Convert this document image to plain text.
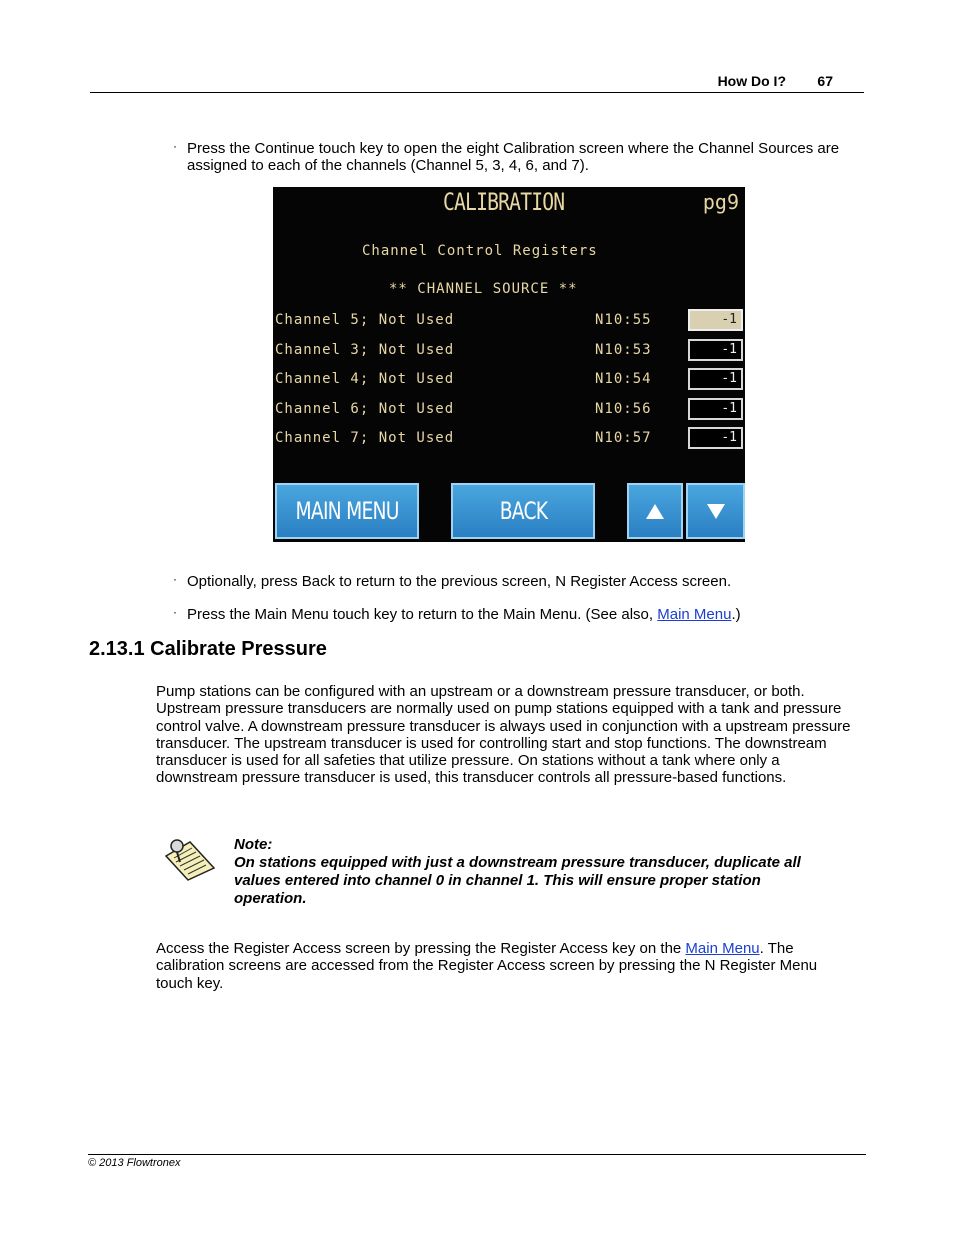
How Do I? 67
· Press the Continue touch key to open the eight Calibration screen where the Channel Sources are assigned to each of the channels (Channel 5, 3, 4, 6, and 7).
CALIBRATION	pg9
Channel Control Registers
** CHANNEL SOURCE **
Channel 5; Not Used	N10:55	-1
Channel 3; Not Used	N10:53	-1
Channel 4; Not Used	N10:54	-1
Channel 6; Not Used	N10:56	-1
Channel 7; Not Used	N10:57	-1
MAIN MENU	BACK
· Optionally, press Back to return to the previous screen, N Register Access screen.
· Press the Main Menu touch key to return to the Main Menu. (See also, Main Menu.)
2.13.1 Calibrate Pressure

Pump stations can be configured with an upstream or a downstream pressure transducer, or both. Upstream pressure transducers are normally used on pump stations equipped with a tank and pressure control valve. A downstream pressure transducer is always used in conjunction with a upstream pressure transducer. The upstream transducer is used for controlling start and stop functions. The downstream transducer is used for all safeties that utilize pressure. On stations without a tank where only a downstream pressure transducer is used, this transducer controls all pressure-based functions.

Note:
On stations equipped with just a downstream pressure transducer, duplicate all values entered into channel 0 in channel 1. This will ensure proper station operation.

Access the Register Access screen by pressing the Register Access key on the Main Menu. The calibration screens are accessed from the Register Access screen by pressing the N Register Menu touch key.

© 2013 Flowtronex
